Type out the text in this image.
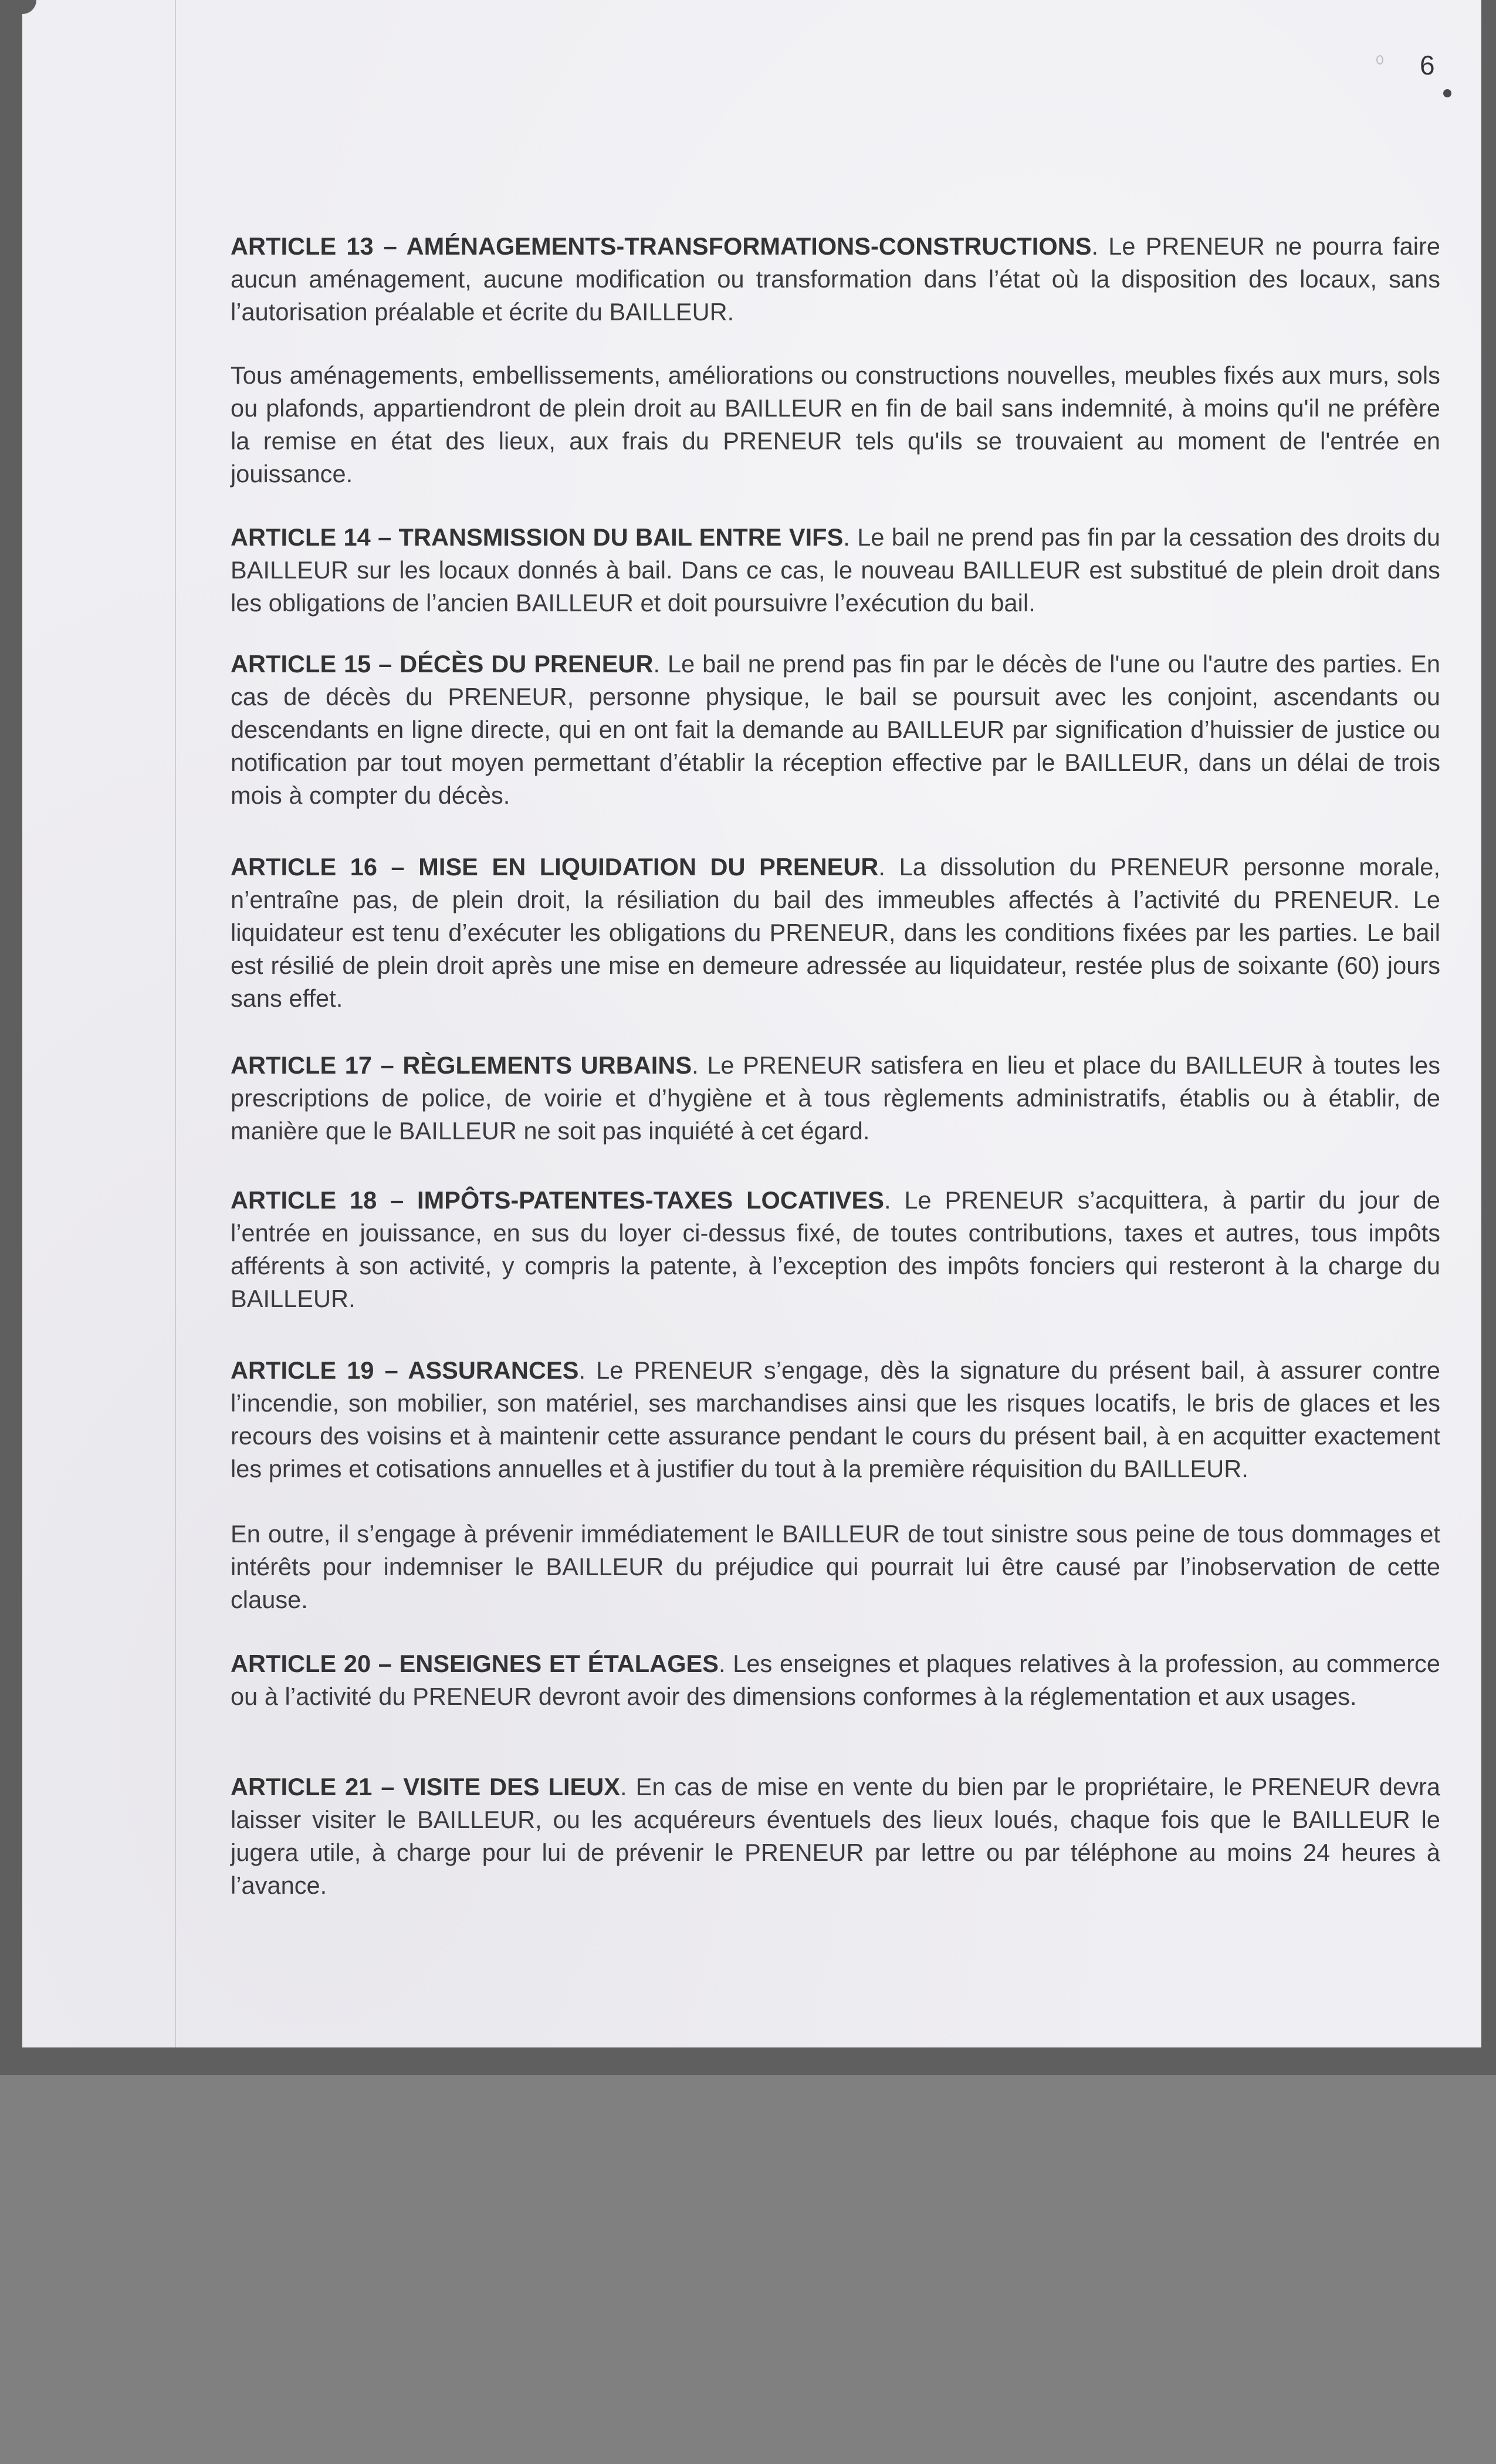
6

ARTICLE 13 – AMÉNAGEMENTS-TRANSFORMATIONS-CONSTRUCTIONS. Le PRENEUR ne pourra faire aucun aménagement, aucune modification ou transformation dans l’état où la disposition des locaux, sans l’autorisation préalable et écrite du BAILLEUR.

Tous aménagements, embellissements, améliorations ou constructions nouvelles, meubles fixés aux murs, sols ou plafonds, appartiendront de plein droit au BAILLEUR en fin de bail sans indemnité, à moins qu'il ne préfère la remise en état des lieux, aux frais du PRENEUR tels qu'ils se trouvaient au moment de l'entrée en jouissance.

ARTICLE 14 – TRANSMISSION DU BAIL ENTRE VIFS. Le bail ne prend pas fin par la cessation des droits du BAILLEUR sur les locaux donnés à bail. Dans ce cas, le nouveau BAILLEUR est substitué de plein droit dans les obligations de l’ancien BAILLEUR et doit poursuivre l’exécution du bail.

ARTICLE 15 – DÉCÈS DU PRENEUR. Le bail ne prend pas fin par le décès de l'une ou l'autre des parties. En cas de décès du PRENEUR, personne physique, le bail se poursuit avec les conjoint, ascendants ou descendants en ligne directe, qui en ont fait la demande au BAILLEUR par signification d’huissier de justice ou notification par tout moyen permettant d’établir la réception effective par le BAILLEUR, dans un délai de trois mois à compter du décès.

ARTICLE 16 – MISE EN LIQUIDATION DU PRENEUR. La dissolution du PRENEUR personne morale, n’entraîne pas, de plein droit, la résiliation du bail des immeubles affectés à l’activité du PRENEUR. Le liquidateur est tenu d’exécuter les obligations du PRENEUR, dans les conditions fixées par les parties. Le bail est résilié de plein droit après une mise en demeure adressée au liquidateur, restée plus de soixante (60) jours sans effet.

ARTICLE 17 – RÈGLEMENTS URBAINS. Le PRENEUR satisfera en lieu et place du BAILLEUR à toutes les prescriptions de police, de voirie et d’hygiène et à tous règlements administratifs, établis ou à établir, de manière que le BAILLEUR ne soit pas inquiété à cet égard.

ARTICLE 18 – IMPÔTS-PATENTES-TAXES LOCATIVES. Le PRENEUR s’acquittera, à partir du jour de l’entrée en jouissance, en sus du loyer ci-dessus fixé, de toutes contributions, taxes et autres, tous impôts afférents à son activité, y compris la patente, à l’exception des impôts fonciers qui resteront à la charge du BAILLEUR.

ARTICLE 19 – ASSURANCES. Le PRENEUR s’engage, dès la signature du présent bail, à assurer contre l’incendie, son mobilier, son matériel, ses marchandises ainsi que les risques locatifs, le bris de glaces et les recours des voisins et à maintenir cette assurance pendant le cours du présent bail, à en acquitter exactement les primes et cotisations annuelles et à justifier du tout à la première réquisition du BAILLEUR.

En outre, il s’engage à prévenir immédiatement le BAILLEUR de tout sinistre sous peine de tous dommages et intérêts pour indemniser le BAILLEUR du préjudice qui pourrait lui être causé par l’inobservation de cette clause.

ARTICLE 20 – ENSEIGNES ET ÉTALAGES. Les enseignes et plaques relatives à la profession, au commerce ou à l’activité du PRENEUR devront avoir des dimensions conformes à la réglementation et aux usages.

ARTICLE 21 – VISITE DES LIEUX. En cas de mise en vente du bien par le propriétaire, le PRENEUR devra laisser visiter le BAILLEUR, ou les acquéreurs éventuels des lieux loués, chaque fois que le BAILLEUR le jugera utile, à charge pour lui de prévenir le PRENEUR par lettre ou par téléphone au moins 24 heures à l’avance.
